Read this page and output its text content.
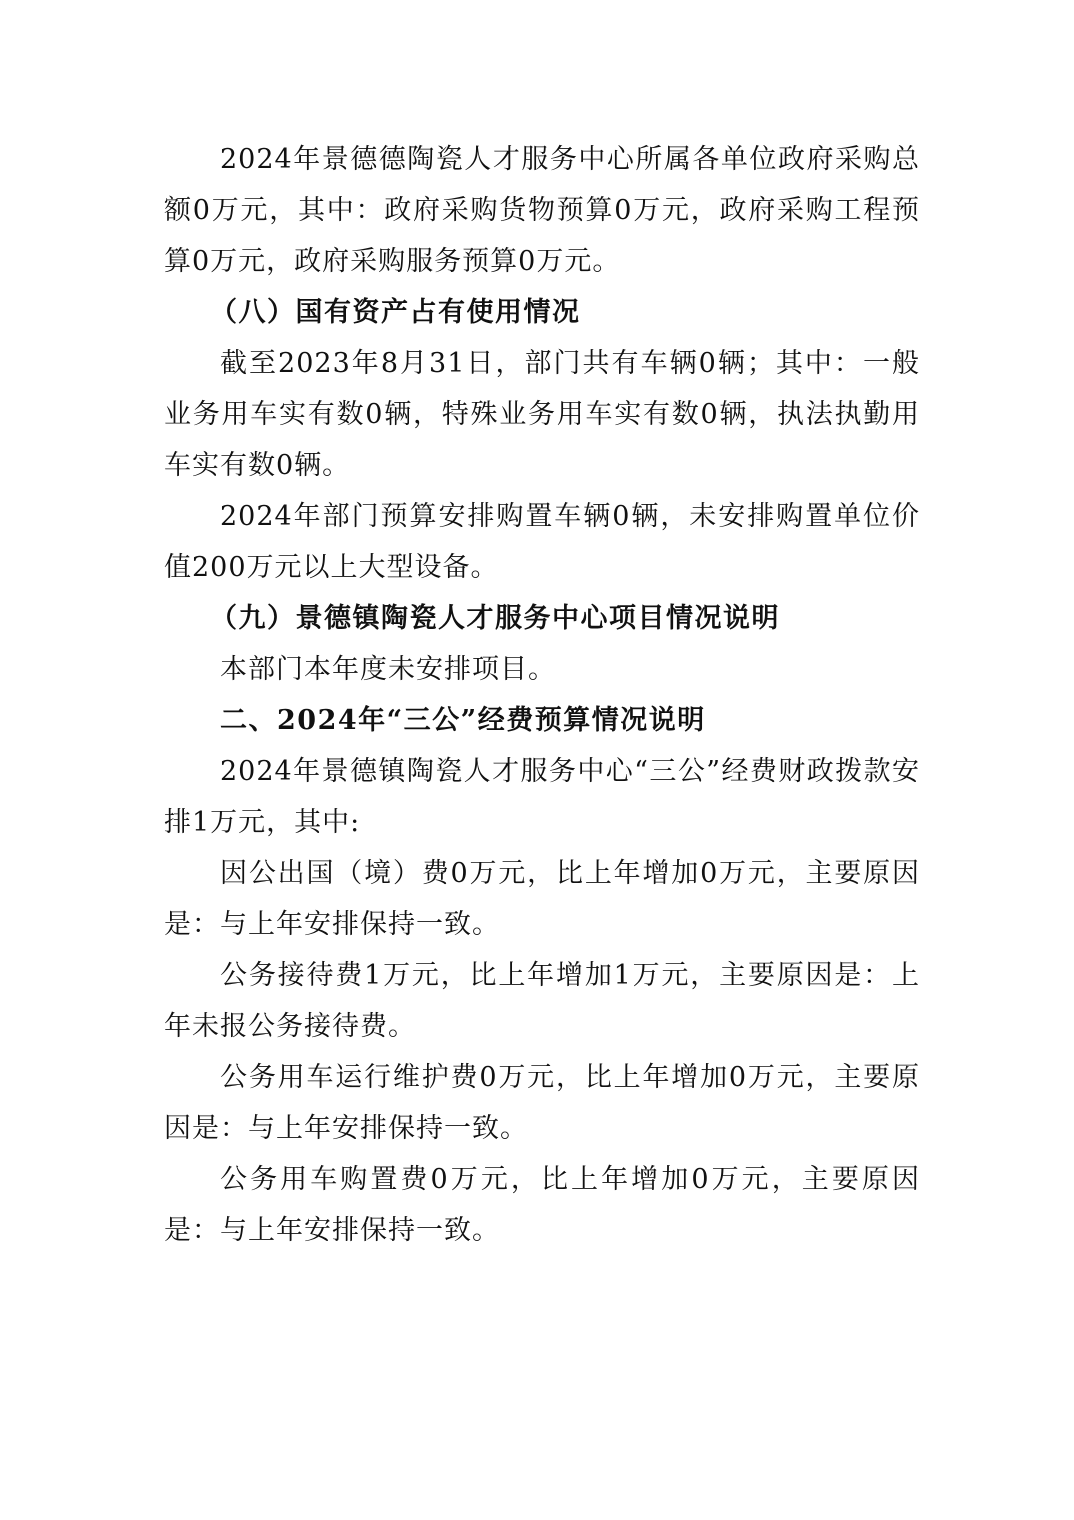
2024年景德德陶瓷人才服务中心所属各单位政府采购总额0万元，其中：政府采购货物预算0万元，政府采购工程预算0万元，政府采购服务预算0万元。

（八）国有资产占有使用情况

截至2023年8月31日，部门共有车辆0辆；其中：一般业务用车实有数0辆，特殊业务用车实有数0辆，执法执勤用车实有数0辆。

2024年部门预算安排购置车辆0辆，未安排购置单位价值200万元以上大型设备。

（九）景德镇陶瓷人才服务中心项目情况说明

本部门本年度未安排项目。

二、2024年“三公”经费预算情况说明

2024年景德镇陶瓷人才服务中心“三公”经费财政拨款安排1万元，其中:

因公出国（境）费0万元，比上年增加0万元，主要原因是：与上年安排保持一致。

公务接待费1万元，比上年增加1万元，主要原因是：上年未报公务接待费。

公务用车运行维护费0万元，比上年增加0万元，主要原因是：与上年安排保持一致。

公务用车购置费0万元，比上年增加0万元，主要原因是：与上年安排保持一致。
